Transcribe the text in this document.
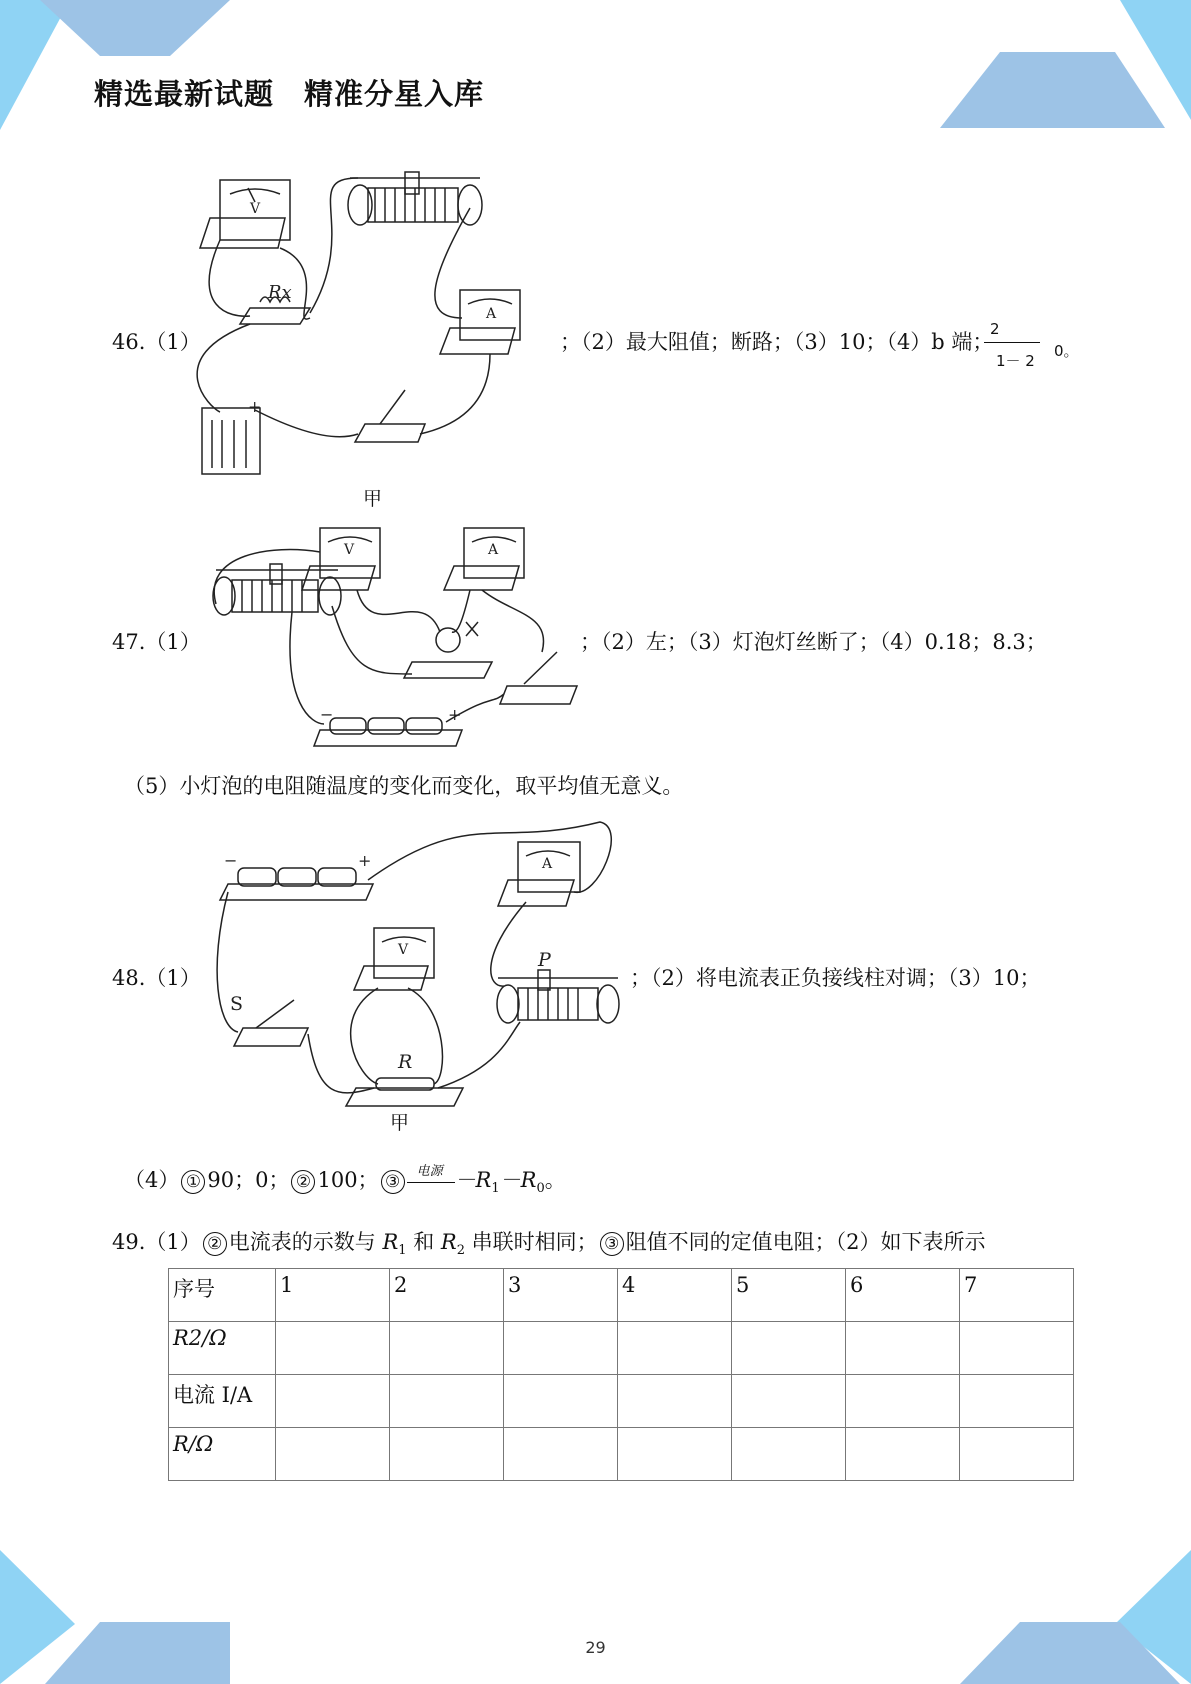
精选最新试题　精准分星入库
46.（1）
V
A
Rx
+
；（2）最大阻值；断路；（3）10；（4）b 端；
2
1－ 2
0。
甲
47.（1）
V	A
−	+
；（2）左；（3）灯泡灯丝断了；（4）0.18；8.3；
（5）小灯泡的电阻随温度的变化而变化，取平均值无意义。
48.（1）
A
V
−	+
S
P
R
；（2）将电流表正负接线柱对调；（3）10；
甲
（4） ① 90；0； ② 100； ③
电源 $-R_1-R_0$。
49.（1） ② 电流表的示数与 $R_1$ 和 $R_2$ 串联时相同； ③ 阻值不同的定值电阻；（2）如下表所示
序号	1	2	3	4	5	6	7
R2/Ω							
电流 I/A							
R/Ω							
29
